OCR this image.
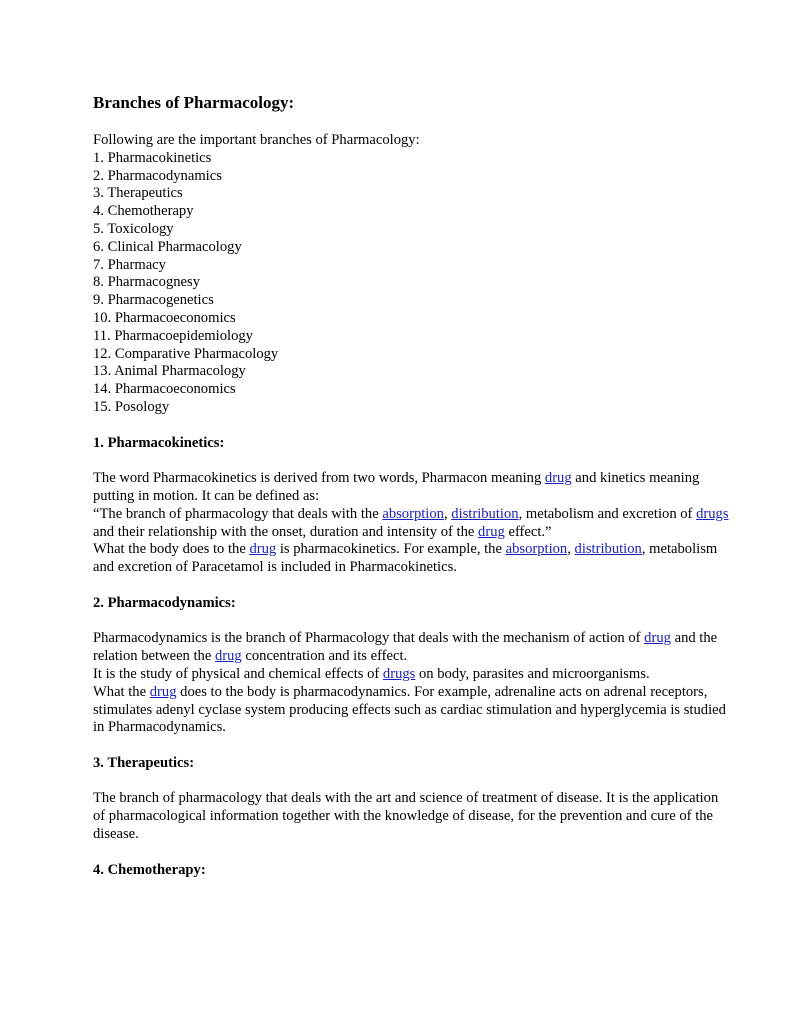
Branches of Pharmacology:

Following are the important branches of Pharmacology:

1. Pharmacokinetics
2. Pharmacodynamics
3. Therapeutics
4. Chemotherapy
5. Toxicology
6. Clinical Pharmacology
7. Pharmacy
8. Pharmacognesy
9. Pharmacogenetics
10. Pharmacoeconomics
11. Pharmacoepidemiology
12. Comparative Pharmacology
13. Animal Pharmacology
14. Pharmacoeconomics
15. Posology
1. Pharmacokinetics:

The word Pharmacokinetics is derived from two words, Pharmacon meaning drug and kinetics meaning putting in motion. It can be defined as:

“The branch of pharmacology that deals with the absorption, distribution, metabolism and excretion of drugs and their relationship with the onset, duration and intensity of the drug effect.”

What the body does to the drug is pharmacokinetics. For example, the absorption, distribution, metabolism and excretion of Paracetamol is included in Pharmacokinetics.

2. Pharmacodynamics:

Pharmacodynamics is the branch of Pharmacology that deals with the mechanism of action of drug and the relation between the drug concentration and its effect.

It is the study of physical and chemical effects of drugs on body, parasites and microorganisms.

What the drug does to the body is pharmacodynamics. For example, adrenaline acts on adrenal receptors, stimulates adenyl cyclase system producing effects such as cardiac stimulation and hyperglycemia is studied in Pharmacodynamics.

3. Therapeutics:

The branch of pharmacology that deals with the art and science of treatment of disease. It is the application of pharmacological information together with the knowledge of disease, for the prevention and cure of the disease.

4. Chemotherapy:
